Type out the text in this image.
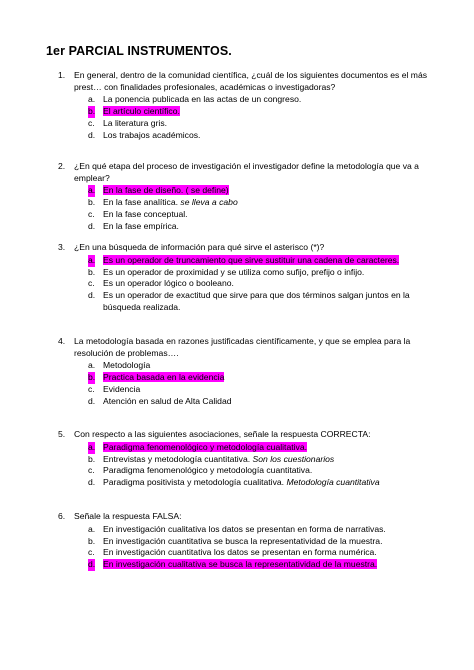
1er PARCIAL INSTRUMENTOS.
1. En general, dentro de la comunidad científica, ¿cuál de los siguientes documentos es el más prest… con finalidades profesionales, académicas o investigadoras?
a. La ponencia publicada en las actas de un congreso.
b. El artículo científico.
c. La literatura gris.
d. Los trabajos académicos.
2. ¿En qué etapa del proceso de investigación el investigador define la metodología que va a emplear?
a. En la fase de diseño. ( se define)
b. En la fase analítica. se lleva a cabo
c. En la fase conceptual.
d. En la fase empírica.
3. ¿En una búsqueda de información para qué sirve el asterisco (*)?
a. Es un operador de truncamiento que sirve sustituir una cadena de caracteres.
b. Es un operador de proximidad y se utiliza como sufijo, prefijo o infijo.
c. Es un operador lógico o booleano.
d. Es un operador de exactitud que sirve para que dos términos salgan juntos en la búsqueda realizada.
4. La metodología basada en razones justificadas científicamente, y que se emplea para la resolución de problemas….
a. Metodología
b. Practica basada en la evidencia
c. Evidencia
d. Atención en salud de Alta Calidad
5. Con respecto a las siguientes asociaciones, señale la respuesta CORRECTA:
a. Paradigma fenomenológico y metodología cualitativa.
b. Entrevistas y metodología cuantitativa. Son los cuestionarios
c. Paradigma fenomenológico y metodología cuantitativa.
d. Paradigma positivista y metodología cualitativa. Metodología cuantitativa
6. Señale la respuesta FALSA:
a. En investigación cualitativa los datos se presentan en forma de narrativas.
b. En investigación cuantitativa se busca la representatividad de la muestra.
c. En investigación cuantitativa los datos se presentan en forma numérica.
d. En investigación cualitativa se busca la representatividad de la muestra.
